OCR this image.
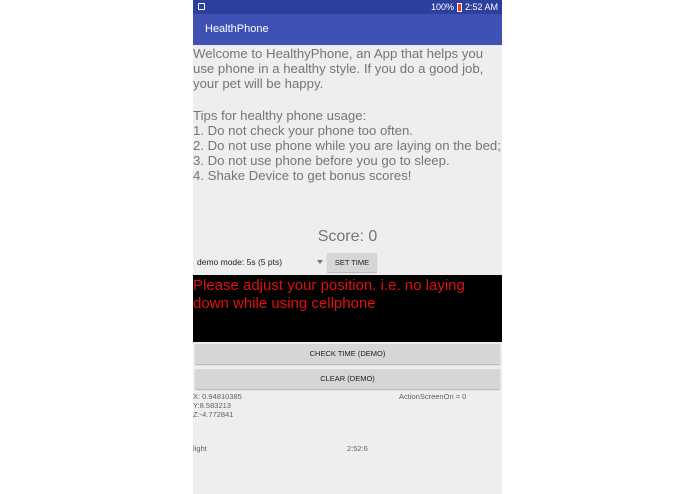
100% 2:52 AM
HealthPhone

Welcome to HealthyPhone, an App that helps you use phone in a healthy style. If you do a good job, your pet will be happy.

Tips for healthy phone usage:
1. Do not check your phone too often.
2. Do not use phone while you are laying on the bed;
3. Do not use phone before you go to sleep.
4. Shake Device to get bonus scores!
Score: 0
demo mode: 5s (5 pts)	SET TIME
Please adjust your position. i.e. no laying down while using cellphone
CHECK TIME (DEMO)
CLEAR (DEMO)
X: 0.94810385
Y:8.583213
Z:-4.772841
ActionScreenOn = 0
light	2:52:6
